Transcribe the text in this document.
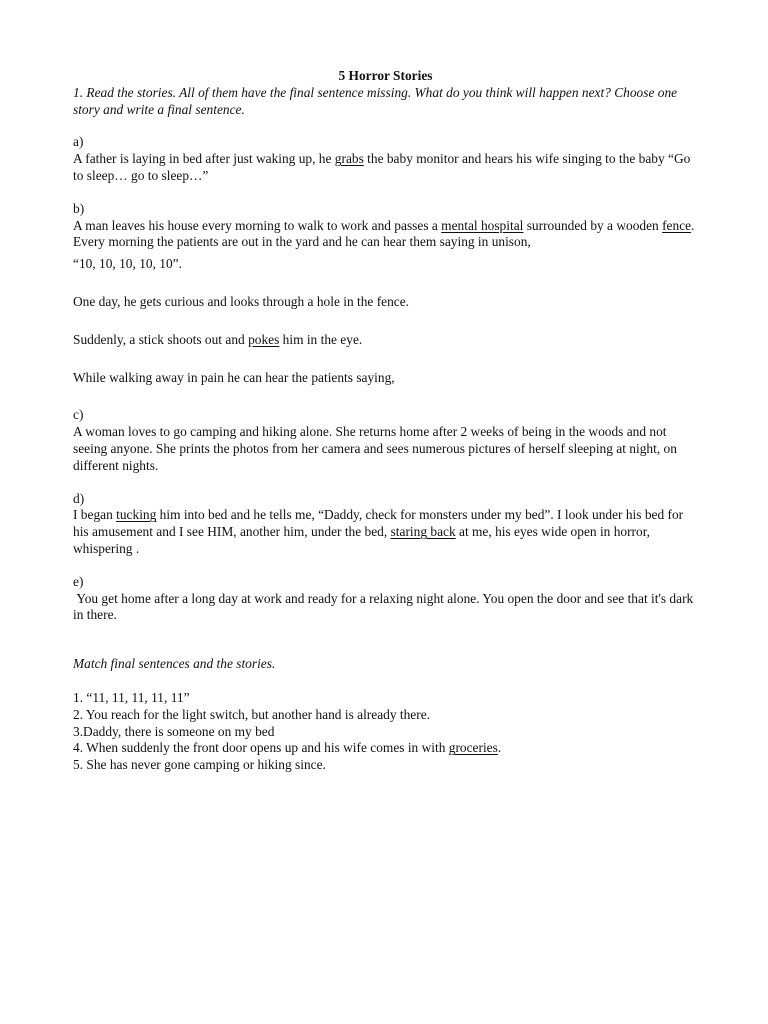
5 Horror Stories

1. Read the stories. All of them have the final sentence missing. What do you think will happen next? Choose one story and write a final sentence.

a)

A father is laying in bed after just waking up, he grabs the baby monitor and hears his wife singing to the baby “Go to sleep… go to sleep…”

b)

A man leaves his house every morning to walk to work and passes a mental hospital surrounded by a wooden fence. Every morning the patients are out in the yard and he can hear them saying in unison,

“10, 10, 10, 10, 10”.

One day, he gets curious and looks through a hole in the fence.

Suddenly, a stick shoots out and pokes him in the eye.

While walking away in pain he can hear the patients saying,

c)

A woman loves to go camping and hiking alone. She returns home after 2 weeks of being in the woods and not seeing anyone. She prints the photos from her camera and sees numerous pictures of herself sleeping at night, on different nights.

d)

I began tucking him into bed and he tells me, “Daddy, check for monsters under my bed”. I look under his bed for his amusement and I see HIM, another him, under the bed, staring back at me, his eyes wide open in horror, whispering .

e)

You get home after a long day at work and ready for a relaxing night alone. You open the door and see that it's dark in there.

Match final sentences and the stories.

1. “11, 11, 11, 11, 11”

2. You reach for the light switch, but another hand is already there.

3.Daddy, there is someone on my bed

4. When suddenly the front door opens up and his wife comes in with groceries.

5. She has never gone camping or hiking since.
